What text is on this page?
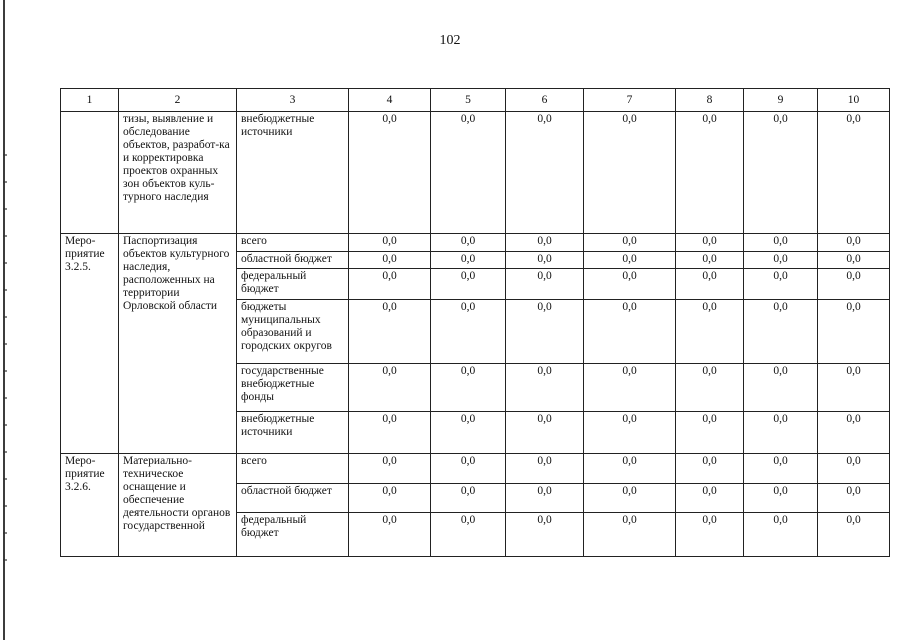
102
1	2	3	4	5	6	7	8	9	10
	тизы, выявление и обследование объектов, разработ-ка и корректировка проектов охранных зон объектов куль-турного наследия	внебюджетные источники	0,0	0,0	0,0	0,0	0,0	0,0	0,0
Меро-приятие 3.2.5.	Паспортизация объектов культурного наследия, расположенных на территории Орловской области	всего	0,0	0,0	0,0	0,0	0,0	0,0	0,0
		областной бюджет	0,0	0,0	0,0	0,0	0,0	0,0	0,0
		федеральный бюджет	0,0	0,0	0,0	0,0	0,0	0,0	0,0
		бюджеты муниципальных образований и городских округов	0,0	0,0	0,0	0,0	0,0	0,0	0,0
		государственные внебюджетные фонды	0,0	0,0	0,0	0,0	0,0	0,0	0,0
		внебюджетные источники	0,0	0,0	0,0	0,0	0,0	0,0	0,0
Меро-приятие 3.2.6.	Материально-техническое оснащение и обеспечение деятельности органов государственной	всего	0,0	0,0	0,0	0,0	0,0	0,0	0,0
		областной бюджет	0,0	0,0	0,0	0,0	0,0	0,0	0,0
		федеральный бюджет	0,0	0,0	0,0	0,0	0,0	0,0	0,0
